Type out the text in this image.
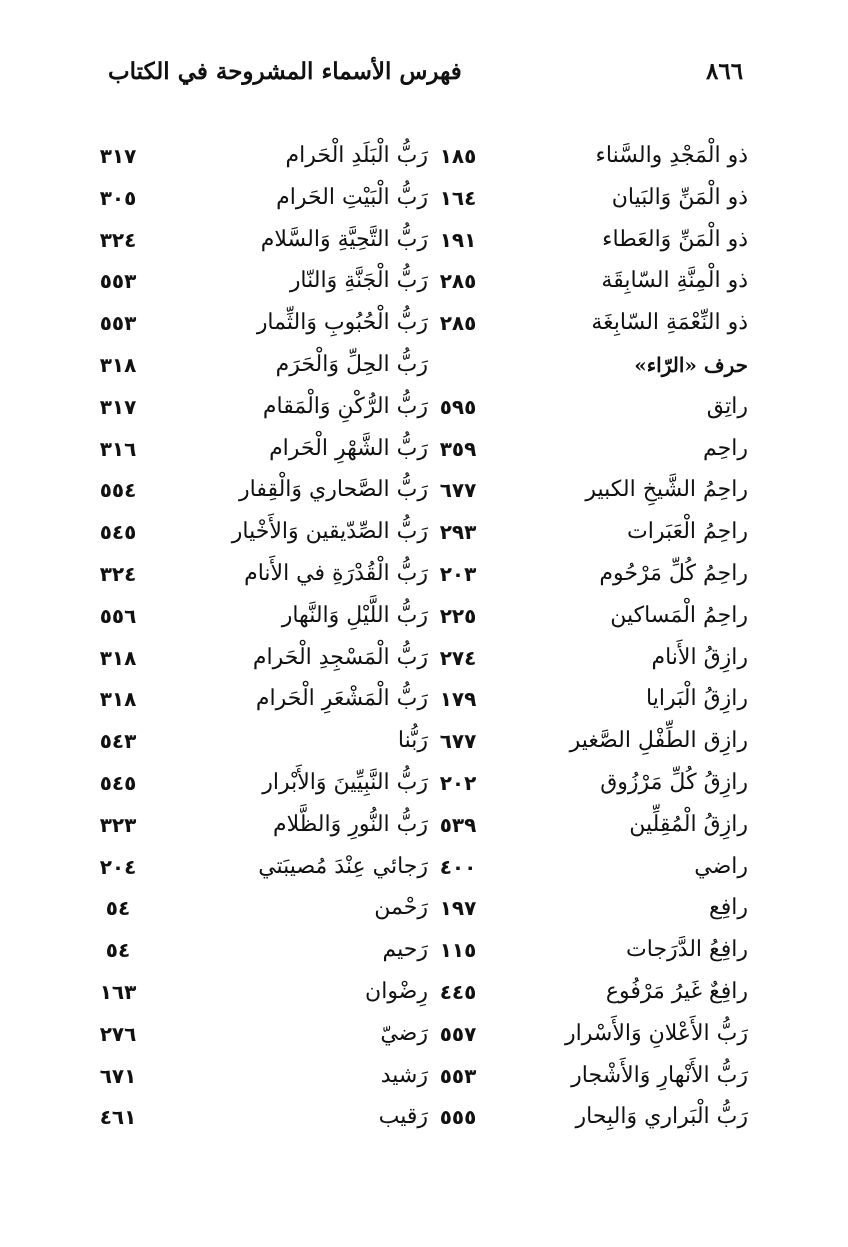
فهرس الأسماء المشروحة في الكتاب	٨٦٦
ذو الْمَجْدِ والسَّناء
١٨٥
رَبُّ الْبَلَدِ الْحَرام
٣١٧
ذو الْمَنِّ وَالبَيان
١٦٤
رَبُّ الْبَيْتِ الحَرام
٣٠٥
ذو الْمَنِّ وَالعَطاء
١٩١
رَبُّ التَّحِيَّةِ وَالسَّلام
٣٢٤
ذو الْمِنَّةِ السّابِقَة
٢٨٥
رَبُّ الْجَنَّةِ وَالنّار
٥٥٣
ذو النِّعْمَةِ السّابِغَة
٢٨٥
رَبُّ الْحُبُوبِ وَالثِّمار
٥٥٣
حرف «الرّاء»
رَبُّ الحِلِّ وَالْحَرَم
٣١٨
راتِق
٥٩٥
رَبُّ الرُّكْنِ وَالْمَقام
٣١٧
راحِم
٣٥٩
رَبُّ الشَّهْرِ الْحَرام
٣١٦
راحِمُ الشَّيخِ الكبير
٦٧٧
رَبُّ الصَّحاري وَالْقِفار
٥٥٤
راحِمُ الْعَبَرات
٢٩٣
رَبُّ الصِّدّيقين وَالأَخْيار
٥٤٥
راحِمُ كُلِّ مَرْحُوم
٢٠٣
رَبُّ الْقُدْرَةِ في الأَنام
٣٢٤
راحِمُ الْمَساكين
٢٢٥
رَبُّ اللَّيْلِ وَالنَّهار
٥٥٦
رازِقُ الأَنام
٢٧٤
رَبُّ الْمَسْجِدِ الْحَرام
٣١٨
رازِقُ الْبَرايا
١٧٩
رَبُّ الْمَشْعَرِ الْحَرام
٣١٨
رازِق الطِّفْلِ الصَّغير
٦٧٧
رَبُّنا
٥٤٣
رازِقُ كُلِّ مَرْزُوق
٢٠٢
رَبُّ النَّبِيِّينَ وَالأَبْرار
٥٤٥
رازِقُ الْمُقِلِّين
٥٣٩
رَبُّ النُّورِ وَالظَّلام
٣٢٣
راضي
٤٠٠
رَجائي عِنْدَ مُصيبَتي
٢٠٤
رافِع
١٩٧
رَحْمن
٥٤
رافِعُ الدَّرَجات
١١٥
رَحيم
٥٤
رافِعٌ غَيرُ مَرْفُوع
٤٤٥
رِضْوان
١٦٣
رَبُّ الأَعْلانِ وَالأَسْرار
٥٥٧
رَضيّ
٢٧٦
رَبُّ الأَنْهارِ وَالأَشْجار
٥٥٣
رَشيد
٦٧١
رَبُّ الْبَراري وَالبِحار
٥٥٥
رَقيب
٤٦١
